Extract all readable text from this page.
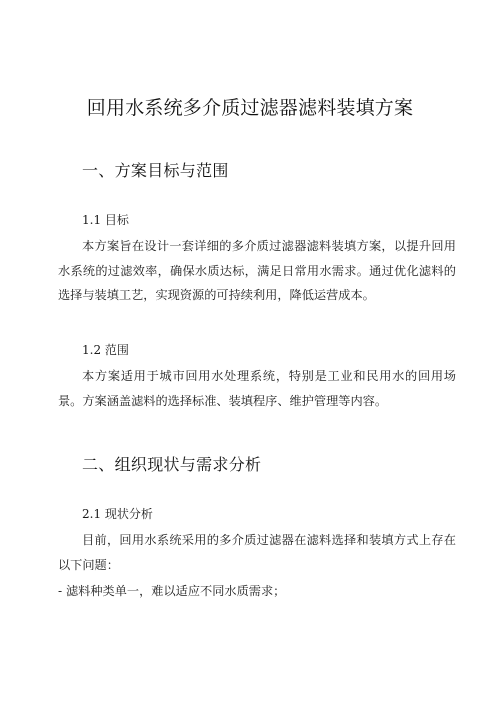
回用水系统多介质过滤器滤料装填方案
一、方案目标与范围
1.1 目标

本方案旨在设计一套详细的多介质过滤器滤料装填方案，以提升回用水系统的过滤效率，确保水质达标，满足日常用水需求。通过优化滤料的选择与装填工艺，实现资源的可持续利用，降低运营成本。

1.2 范围

本方案适用于城市回用水处理系统，特别是工业和民用水的回用场景。方案涵盖滤料的选择标准、装填程序、维护管理等内容。

二、组织现状与需求分析
2.1 现状分析

目前，回用水系统采用的多介质过滤器在滤料选择和装填方式上存在以下问题：

- 滤料种类单一，难以适应不同水质需求；
